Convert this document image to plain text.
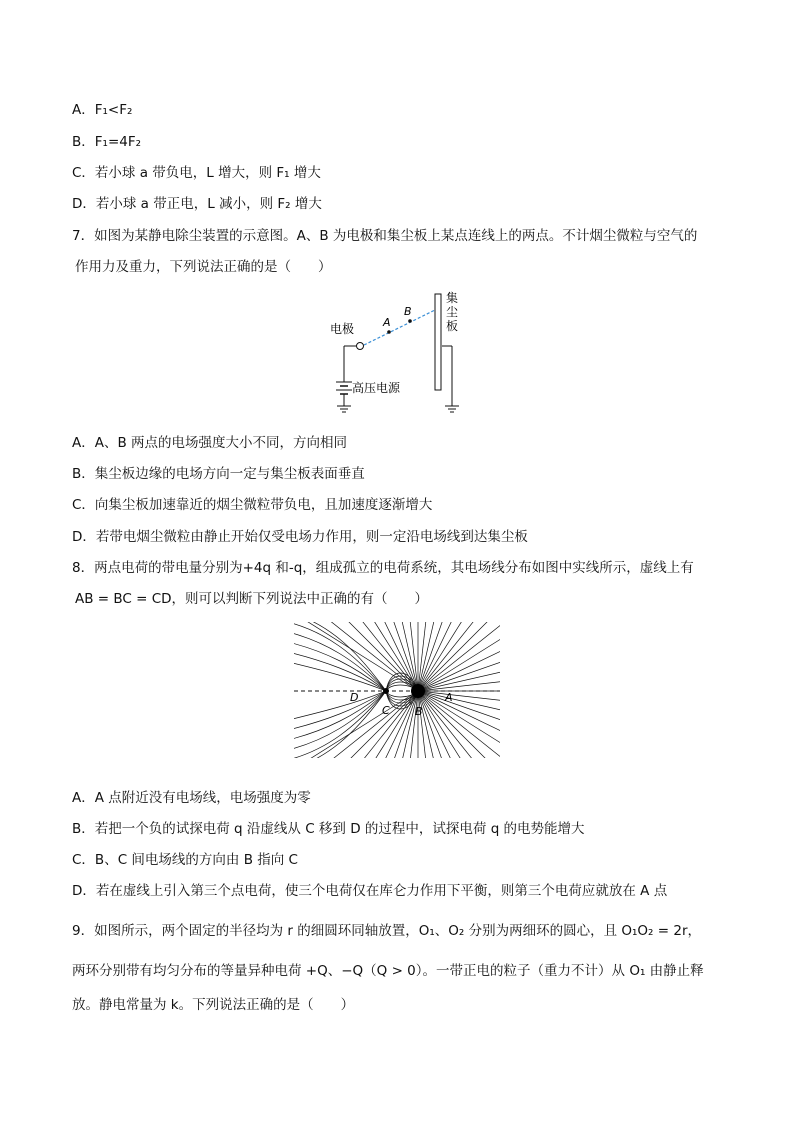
A．F₁<F₂
B．F₁=4F₂
C．若小球 a 带负电，L 增大，则 F₁ 增大
D．若小球 a 带正电，L 减小，则 F₂ 增大
7．如图为某静电除尘装置的示意图。A、B 为电极和集尘板上某点连线上的两点。不计烟尘微粒与空气的
作用力及重力，下列说法正确的是（　　）
集
尘
板
A
B
电极
高压电源
A．A、B 两点的电场强度大小不同，方向相同
B．集尘板边缘的电场方向一定与集尘板表面垂直
C．向集尘板加速靠近的烟尘微粒带负电，且加速度逐渐增大
D．若带电烟尘微粒由静止开始仅受电场力作用，则一定沿电场线到达集尘板
8．两点电荷的带电量分别为+4q 和-q，组成孤立的电荷系统，其电场线分布如图中实线所示，虚线上有
AB = BC = CD，则可以判断下列说法中正确的有（　　）
D
C B
A
A．A 点附近没有电场线，电场强度为零
B．若把一个负的试探电荷 q 沿虚线从 C 移到 D 的过程中，试探电荷 q 的电势能增大
C．B、C 间电场线的方向由 B 指向 C
D．若在虚线上引入第三个点电荷，使三个电荷仅在库仑力作用下平衡，则第三个电荷应就放在 A 点
9．如图所示，两个固定的半径均为 r 的细圆环同轴放置，O₁、O₂ 分别为两细环的圆心，且 O₁O₂ = 2r，
两环分别带有均匀分布的等量异种电荷 +Q、−Q（Q > 0）。一带正电的粒子（重力不计）从 O₁ 由静止释
放。静电常量为 k。下列说法正确的是（　　）
